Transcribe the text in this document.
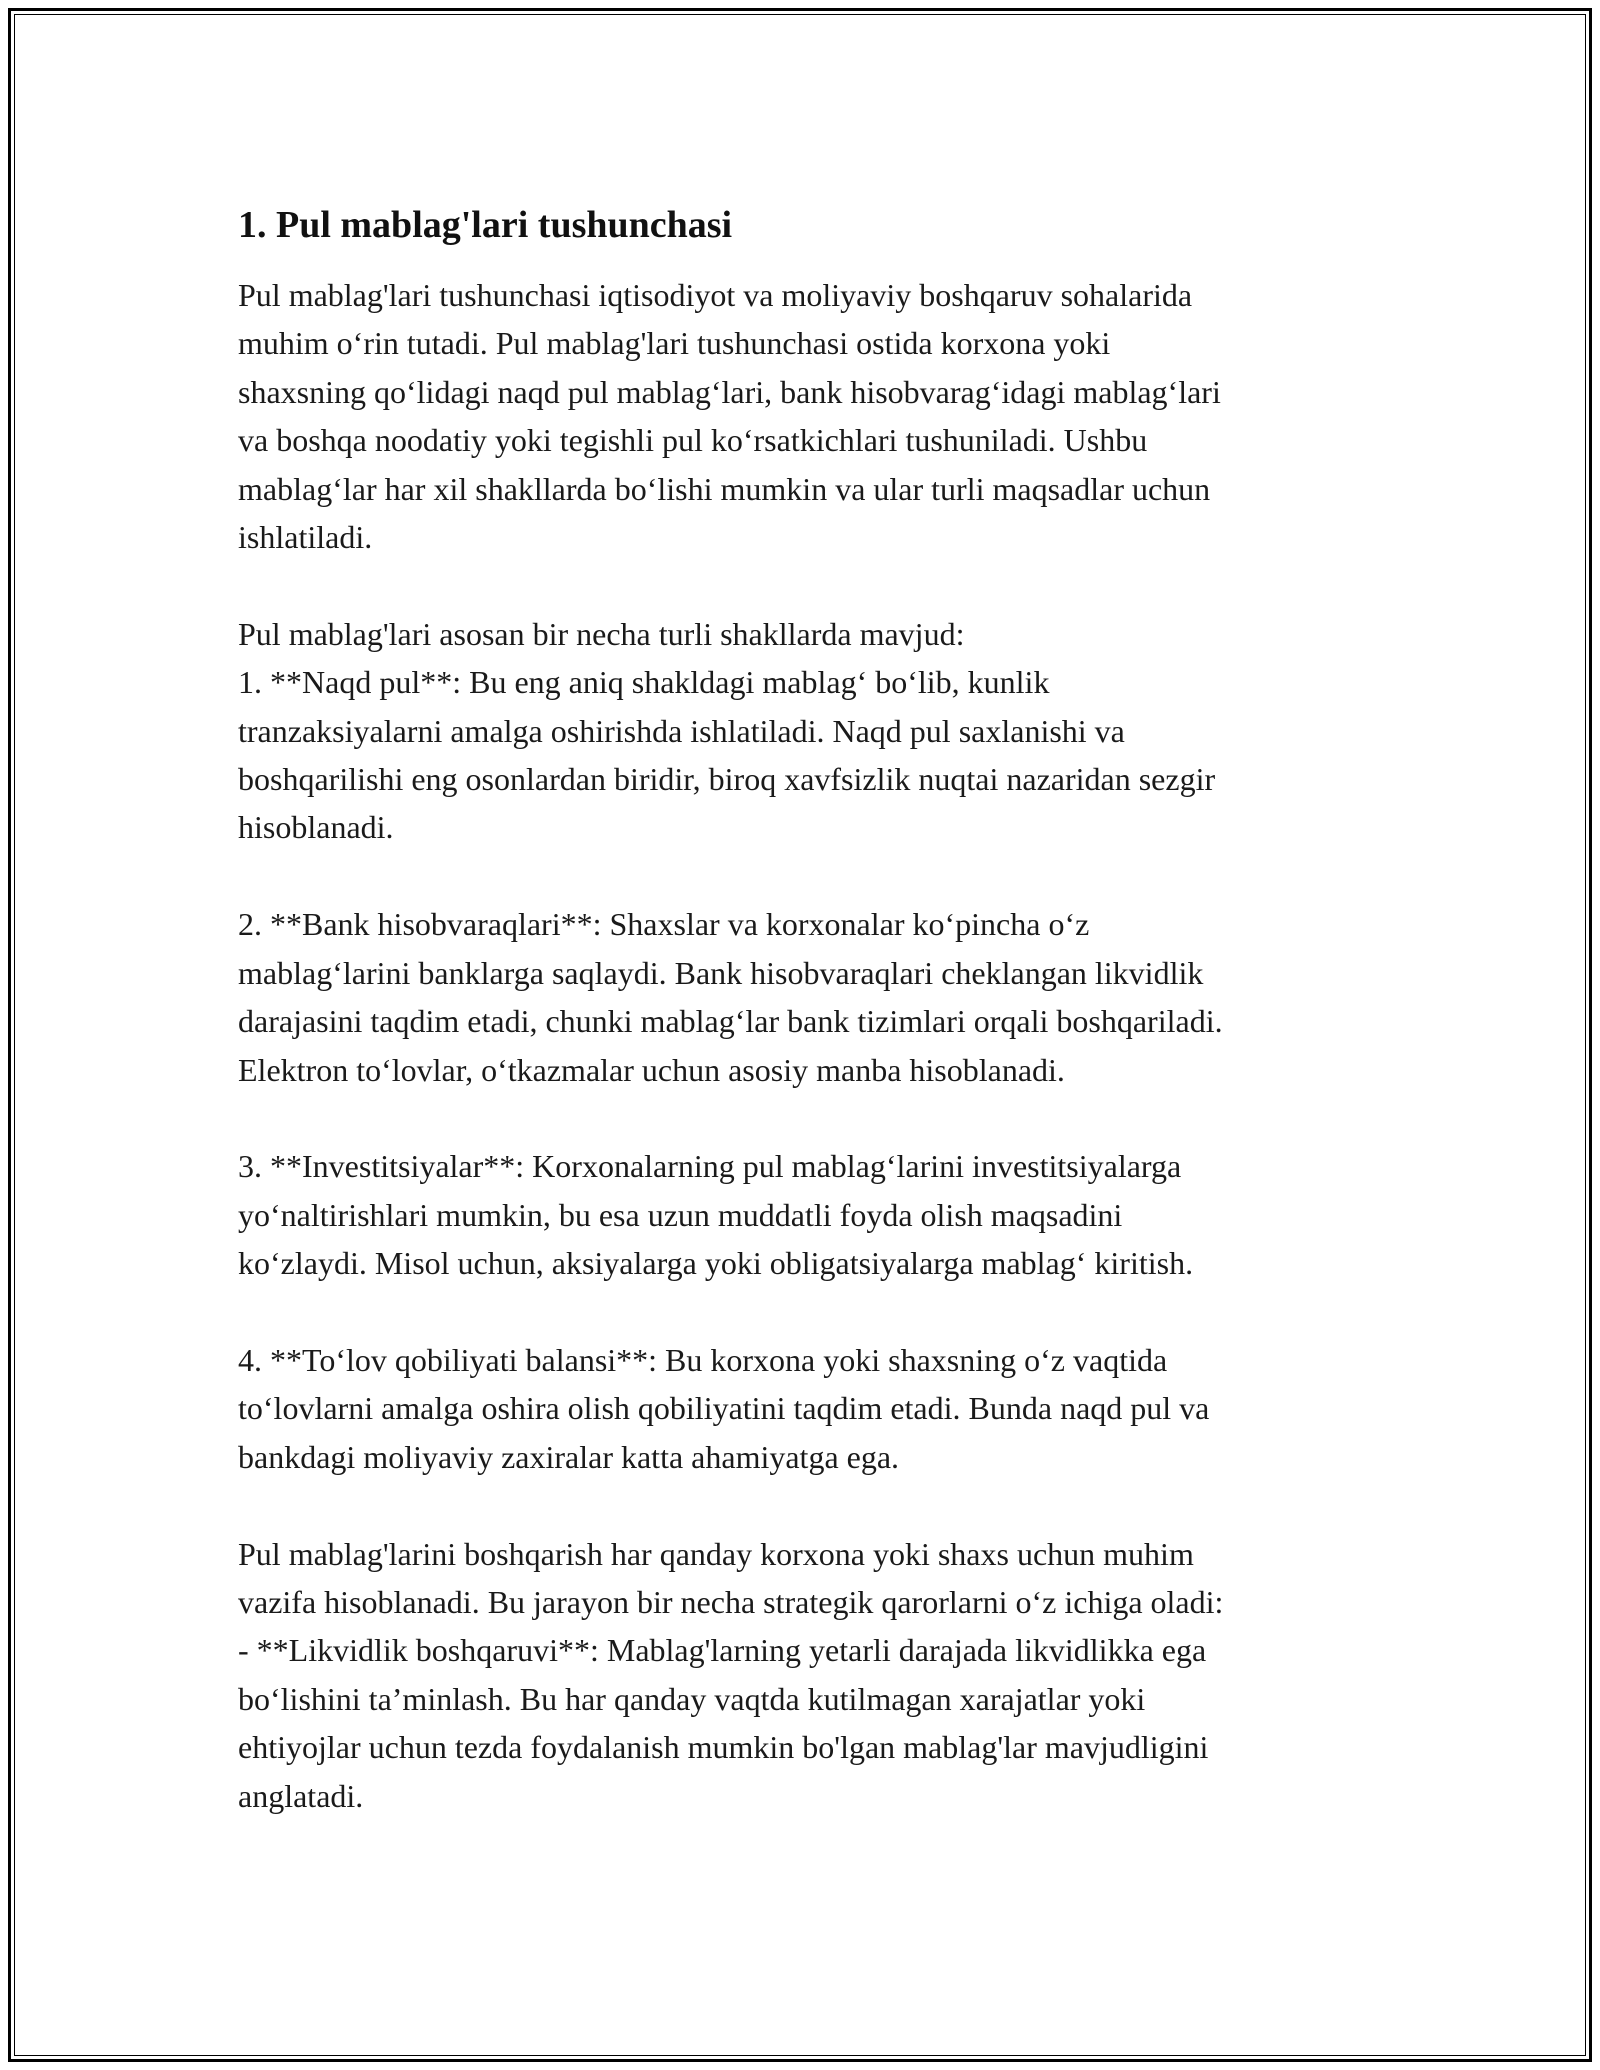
1. Pul mablag'lari tushunchasi

Pul mablag'lari tushunchasi iqtisodiyot va moliyaviy boshqaruv sohalarida
muhim oʻrin tutadi. Pul mablag'lari tushunchasi ostida korxona yoki
shaxsning qoʻlidagi naqd pul mablagʻlari, bank hisobvaragʻidagi mablagʻlari
va boshqa noodatiy yoki tegishli pul koʻrsatkichlari tushuniladi. Ushbu
mablagʻlar har xil shakllarda boʻlishi mumkin va ular turli maqsadlar uchun
ishlatiladi.

Pul mablag'lari asosan bir necha turli shakllarda mavjud:
1. **Naqd pul**: Bu eng aniq shakldagi mablagʻ boʻlib, kunlik
tranzaksiyalarni amalga oshirishda ishlatiladi. Naqd pul saxlanishi va
boshqarilishi eng osonlardan biridir, biroq xavfsizlik nuqtai nazaridan sezgir
hisoblanadi.

2. **Bank hisobvaraqlari**: Shaxslar va korxonalar koʻpincha oʻz
mablagʻlarini banklarga saqlaydi. Bank hisobvaraqlari cheklangan likvidlik
darajasini taqdim etadi, chunki mablagʻlar bank tizimlari orqali boshqariladi.
Elektron toʻlovlar, oʻtkazmalar uchun asosiy manba hisoblanadi.

3. **Investitsiyalar**: Korxonalarning pul mablagʻlarini investitsiyalarga
yoʻnaltirishlari mumkin, bu esa uzun muddatli foyda olish maqsadini
koʻzlaydi. Misol uchun, aksiyalarga yoki obligatsiyalarga mablagʻ kiritish.

4. **Toʻlov qobiliyati balansi**: Bu korxona yoki shaxsning oʻz vaqtida
toʻlovlarni amalga oshira olish qobiliyatini taqdim etadi. Bunda naqd pul va
bankdagi moliyaviy zaxiralar katta ahamiyatga ega.

Pul mablag'larini boshqarish har qanday korxona yoki shaxs uchun muhim
vazifa hisoblanadi. Bu jarayon bir necha strategik qarorlarni oʻz ichiga oladi:
- **Likvidlik boshqaruvi**: Mablag'larning yetarli darajada likvidlikka ega
boʻlishini taʼminlash. Bu har qanday vaqtda kutilmagan xarajatlar yoki
ehtiyojlar uchun tezda foydalanish mumkin bo'lgan mablag'lar mavjudligini
anglatadi.
